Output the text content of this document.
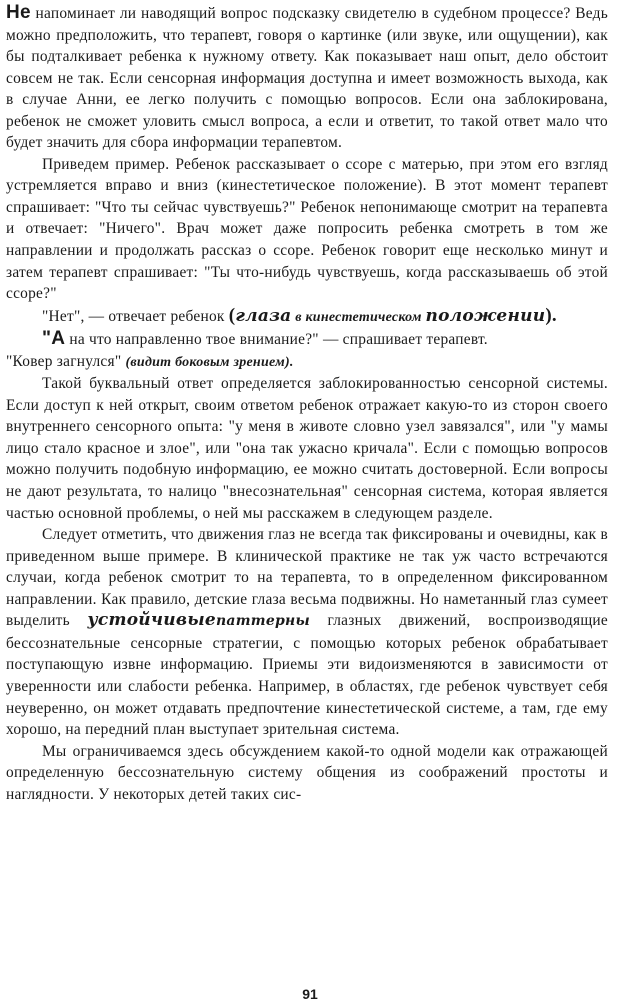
Не напоминает ли наводящий вопрос подсказку свидетелю в судебном процессе? Ведь можно предположить, что терапевт, говоря о картинке (или звуке, или ощущении), как бы подталкивает ребенка к нужному ответу. Как показывает наш опыт, дело обстоит совсем не так. Если сенсорная информация доступна и имеет возможность выхода, как в случае Анни, ее легко получить с помощью вопросов. Если она заблокирована, ребенок не сможет уловить смысл вопроса, а если и ответит, то такой ответ мало что будет значить для сбора информации терапевтом.

Приведем пример. Ребенок рассказывает о ссоре с матерью, при этом его взгляд устремляется вправо и вниз (кинестетическое положение). В этот момент терапевт спрашивает: "Что ты сейчас чувствуешь?" Ребенок непонимающе смотрит на терапевта и отвечает: "Ничего". Врач может даже попросить ребенка смотреть в том же направлении и продолжать рассказ о ссоре. Ребенок говорит еще несколько минут и затем терапевт спрашивает: "Ты что-нибудь чувствуешь, когда рассказываешь об этой ссоре?"

"Нет", — отвечает ребенок (глаза в кинестетическом положении).

"А на что направленно твое внимание?" — спрашивает терапевт.

"Ковер загнулся" (видит боковым зрением).

Такой буквальный ответ определяется заблокированностью сенсорной системы. Если доступ к ней открыт, своим ответом ребенок отражает какую-то из сторон своего внутреннего сенсорного опыта: "у меня в животе словно узел завязался", или "у мамы лицо стало красное и злое", или "она так ужасно кричала". Если с помощью вопросов можно получить подобную информацию, ее можно считать достоверной. Если вопросы не дают результата, то налицо "внесознательная" сенсорная система, которая является частью основной проблемы, о ней мы расскажем в следующем разделе.

Следует отметить, что движения глаз не всегда так фиксированы и очевидны, как в приведенном выше примере. В клинической практике не так уж часто встречаются случаи, когда ребенок смотрит то на терапевта, то в определенном фиксированном направлении. Как правило, детские глаза весьма подвижны. Но наметанный глаз сумеет выделить устойчивыепаттерны глазных движений, воспроизводящие бессознательные сенсорные стратегии, с помощью которых ребенок обрабатывает поступающую извне информацию. Приемы эти видоизменяются в зависимости от уверенности или слабости ребенка. Например, в областях, где ребенок чувствует себя неуверенно, он может отдавать предпочтение кинестетической системе, а там, где ему хорошо, на передний план выступает зрительная система.

Мы ограничиваемся здесь обсуждением какой-то одной модели как отражающей определенную бессознательную систему общения из соображений простоты и наглядности. У некоторых детей таких сис-

91
